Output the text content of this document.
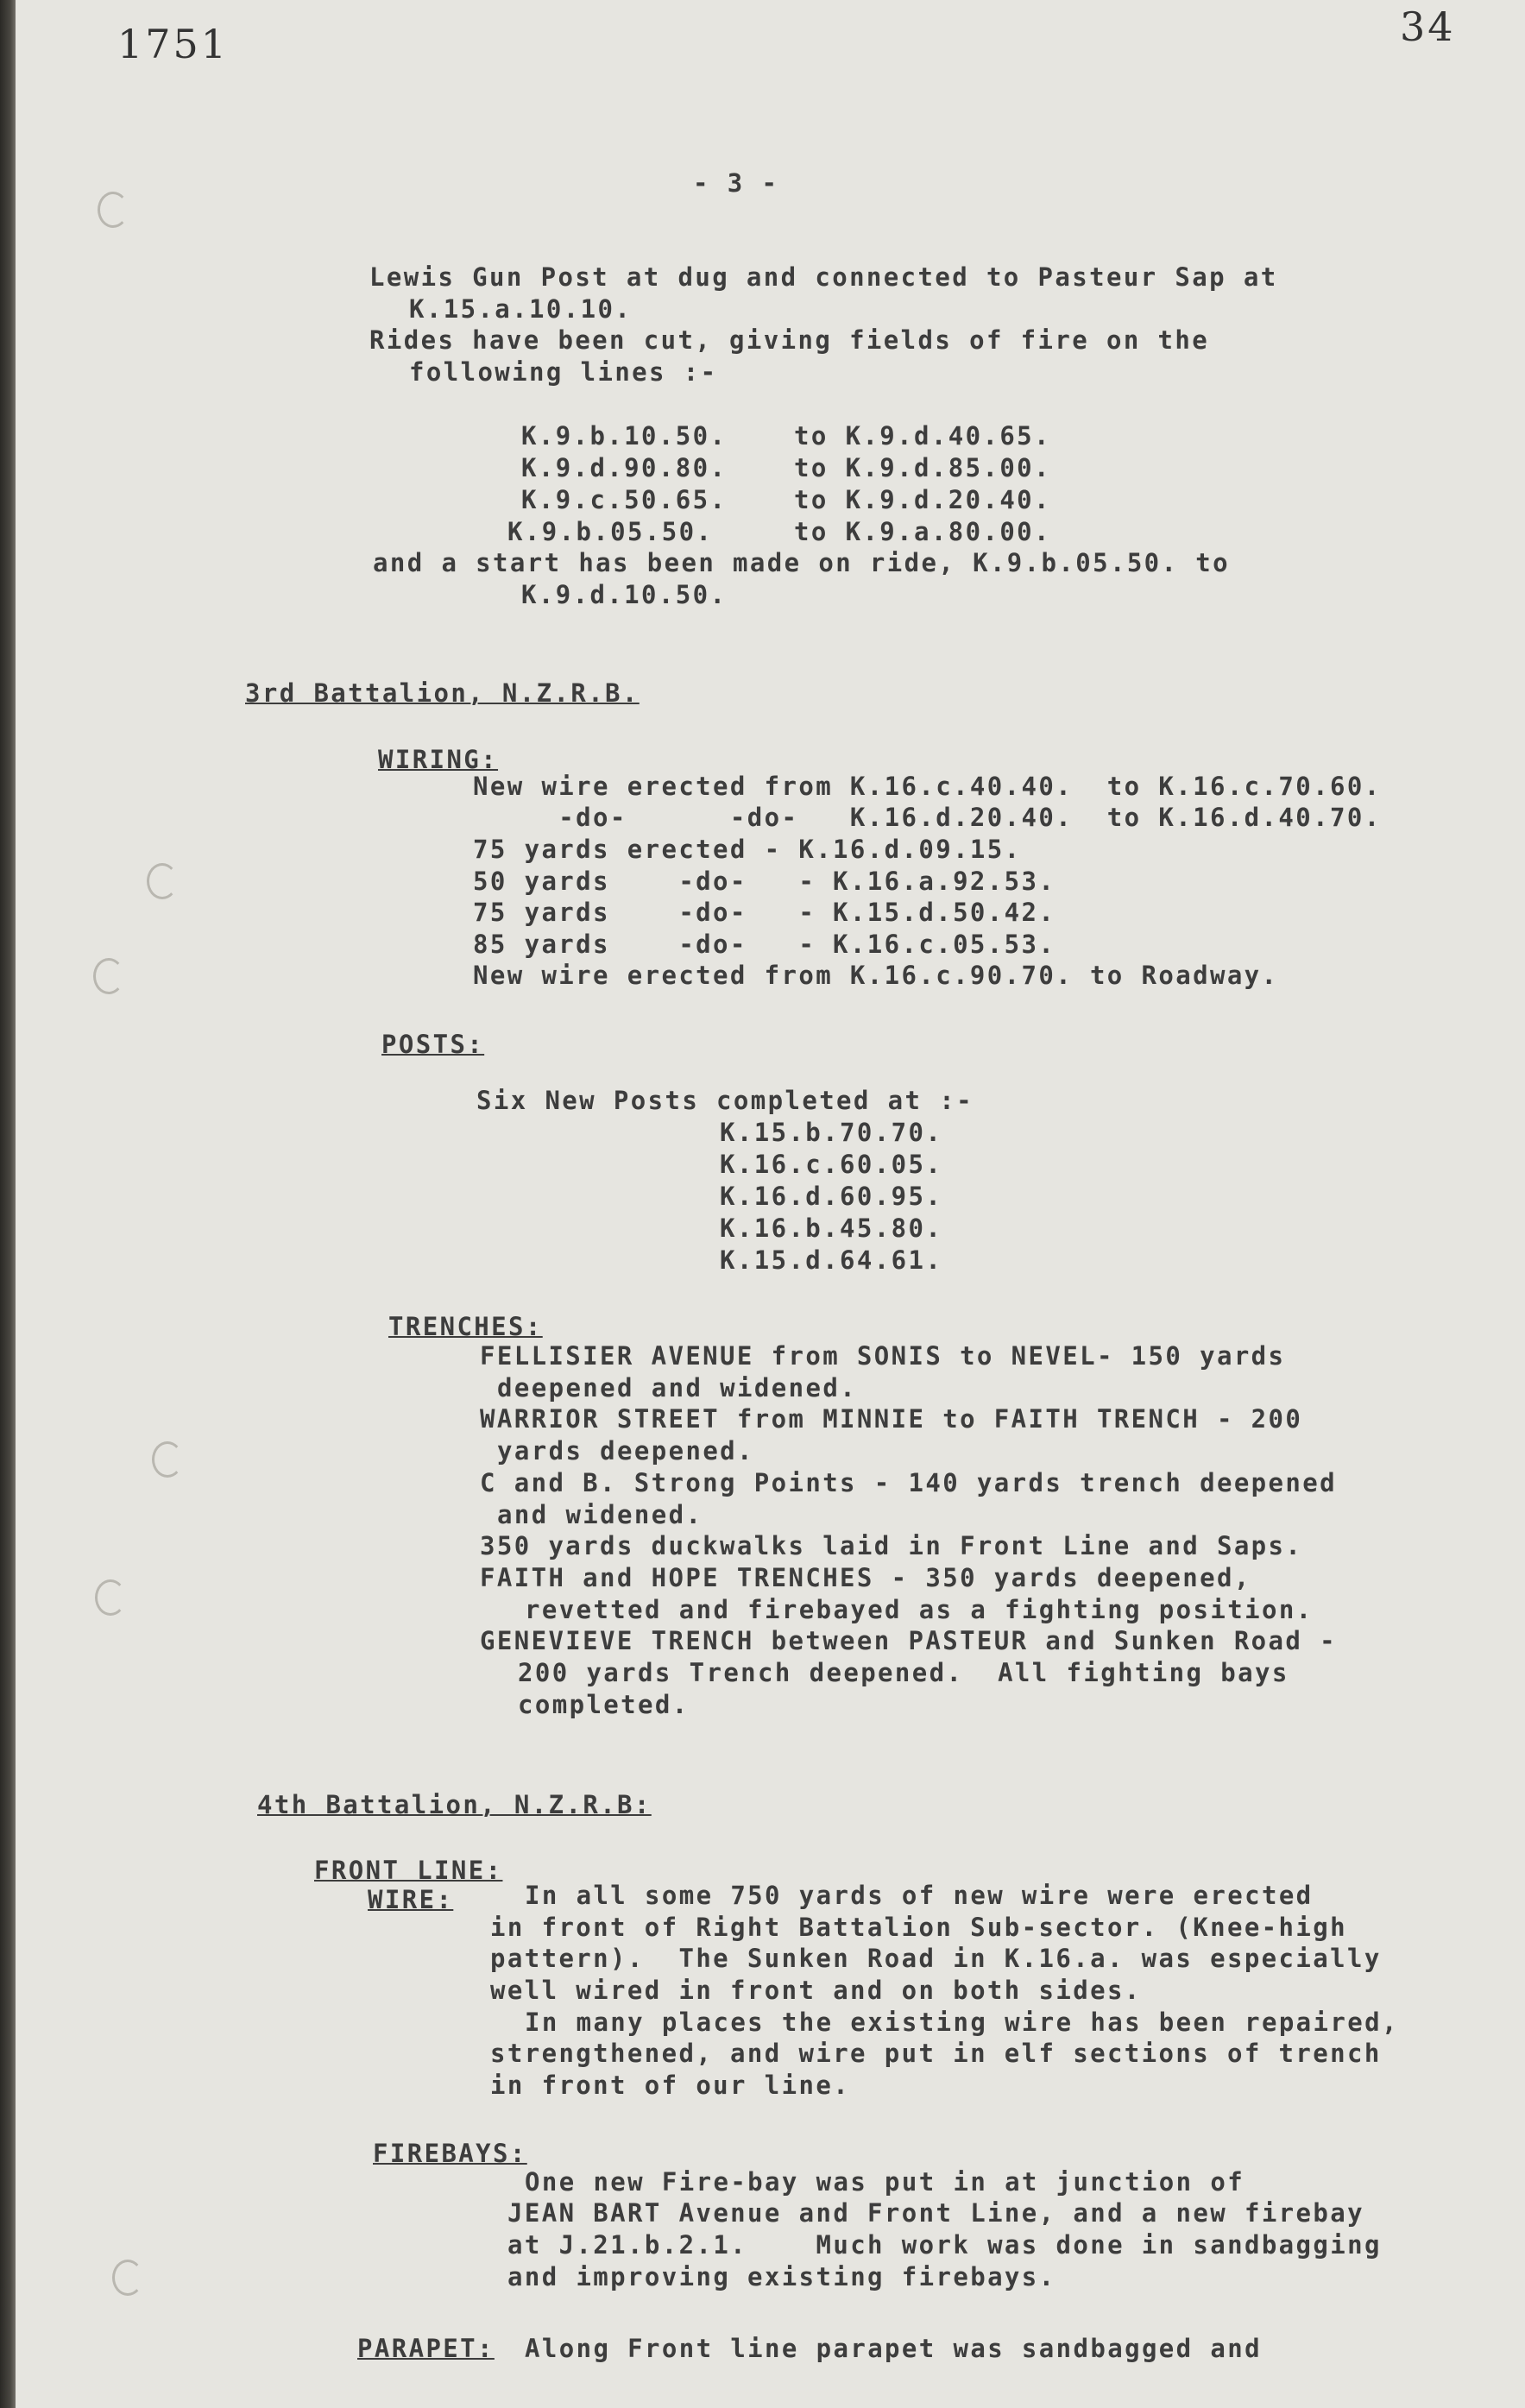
1751	34
- 3 -
Lewis Gun Post at dug and connected to Pasteur Sap at
K.15.a.10.10.
Rides have been cut, giving fields of fire on the
following lines :-
K.9.b.10.50.	to K.9.d.40.65.
K.9.d.90.80.	to K.9.d.85.00.
K.9.c.50.65.	to K.9.d.20.40.
K.9.b.05.50.	to K.9.a.80.00.
and a start has been made on ride, K.9.b.05.50. to
K.9.d.10.50.
3rd Battalion, N.Z.R.B.
WIRING:
New wire erected from K.16.c.40.40.  to K.16.c.70.60.
-do-      -do-   K.16.d.20.40.  to K.16.d.40.70.
75 yards erected - K.16.d.09.15.
50 yards    -do-   - K.16.a.92.53.
75 yards    -do-   - K.15.d.50.42.
85 yards    -do-   - K.16.c.05.53.
New wire erected from K.16.c.90.70. to Roadway.
POSTS:
Six New Posts completed at :-
K.15.b.70.70.
K.16.c.60.05.
K.16.d.60.95.
K.16.b.45.80.
K.15.d.64.61.
TRENCHES:
FELLISIER AVENUE from SONIS to NEVEL- 150 yards
deepened and widened.
WARRIOR STREET from MINNIE to FAITH TRENCH - 200
yards deepened.
C and B. Strong Points - 140 yards trench deepened
and widened.
350 yards duckwalks laid in Front Line and Saps.
FAITH and HOPE TRENCHES - 350 yards deepened,
revetted and firebayed as a fighting position.
GENEVIEVE TRENCH between PASTEUR and Sunken Road -
200 yards Trench deepened.  All fighting bays
completed.
4th Battalion, N.Z.R.B:
FRONT LINE:
WIRE:	In all some 750 yards of new wire were erected
in front of Right Battalion Sub-sector. (Knee-high
pattern).  The Sunken Road in K.16.a. was especially
well wired in front and on both sides.
In many places the existing wire has been repaired,
strengthened, and wire put in elf sections of trench
in front of our line.
FIREBAYS:
One new Fire-bay was put in at junction of
JEAN BART Avenue and Front Line, and a new firebay
at J.21.b.2.1.    Much work was done in sandbagging
and improving existing firebays.
PARAPET: Along Front line parapet was sandbagged and
